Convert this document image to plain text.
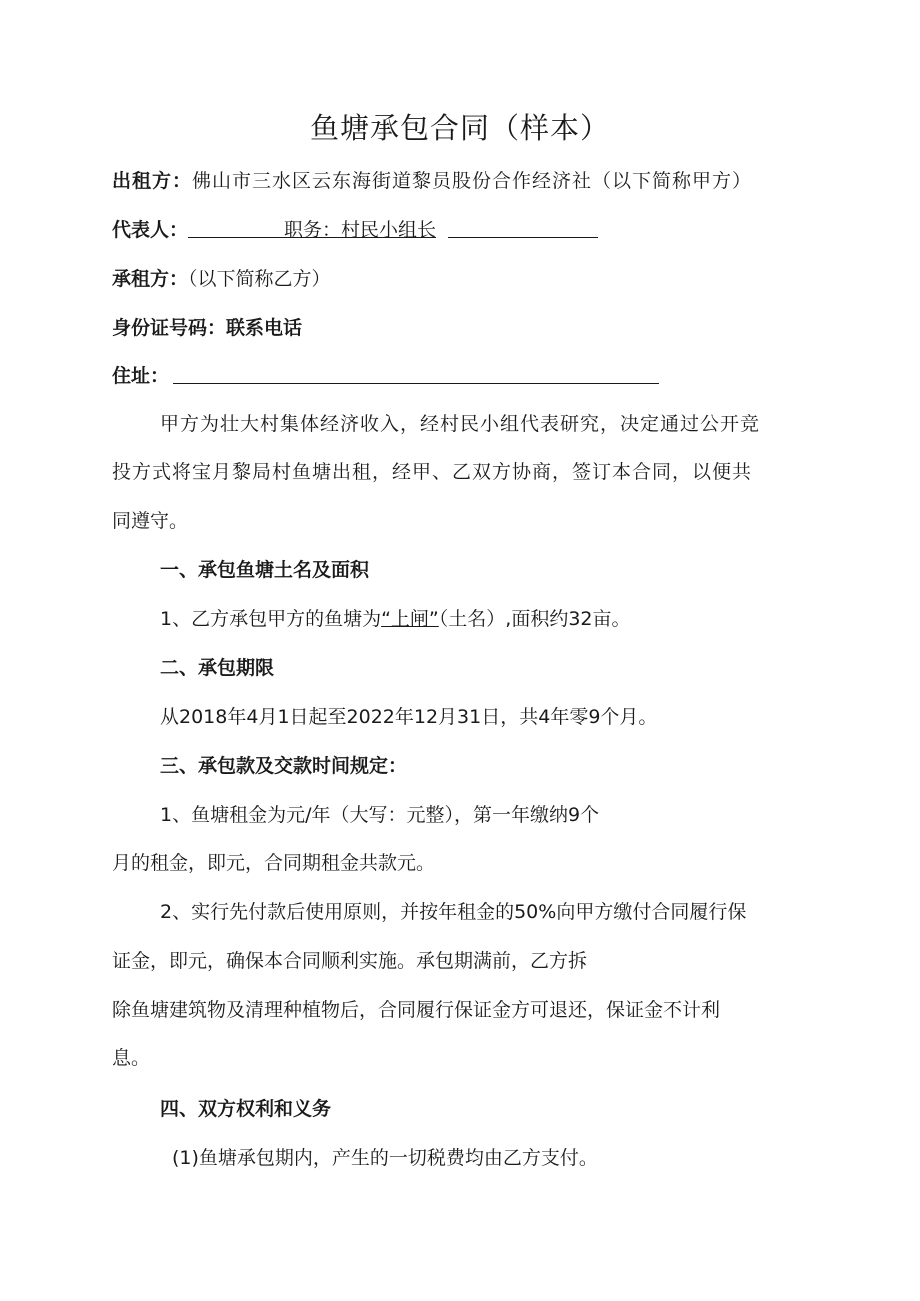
鱼塘承包合同（样本）
出租方：佛山市三水区云东海街道黎员股份合作经济社（以下简称甲方）
代表人：	职务：村民小组长
承租方：（以下简称乙方）
身份证号码：联系电话
住址：
甲方为壮大村集体经济收入，经村民小组代表研究，决定通过公开竞
投方式将宝月黎局村鱼塘出租，经甲、乙双方协商，签订本合同，以便共
同遵守。
一、承包鱼塘土名及面积
1、乙方承包甲方的鱼塘为“上闸”（土名）,面积约32亩。
二、承包期限
从2018年4月1日起至2022年12月31日，共4年零9个月。
三、承包款及交款时间规定：
1、鱼塘租金为元/年（大写：元整），第一年缴纳9个
月的租金，即元，合同期租金共款元。
2、实行先付款后使用原则，并按年租金的50%向甲方缴付合同履行保
证金，即元，确保本合同顺利实施。承包期满前，乙方拆
除鱼塘建筑物及清理种植物后，合同履行保证金方可退还，保证金不计利
息。
四、双方权利和义务
(1)鱼塘承包期内，产生的一切税费均由乙方支付。
